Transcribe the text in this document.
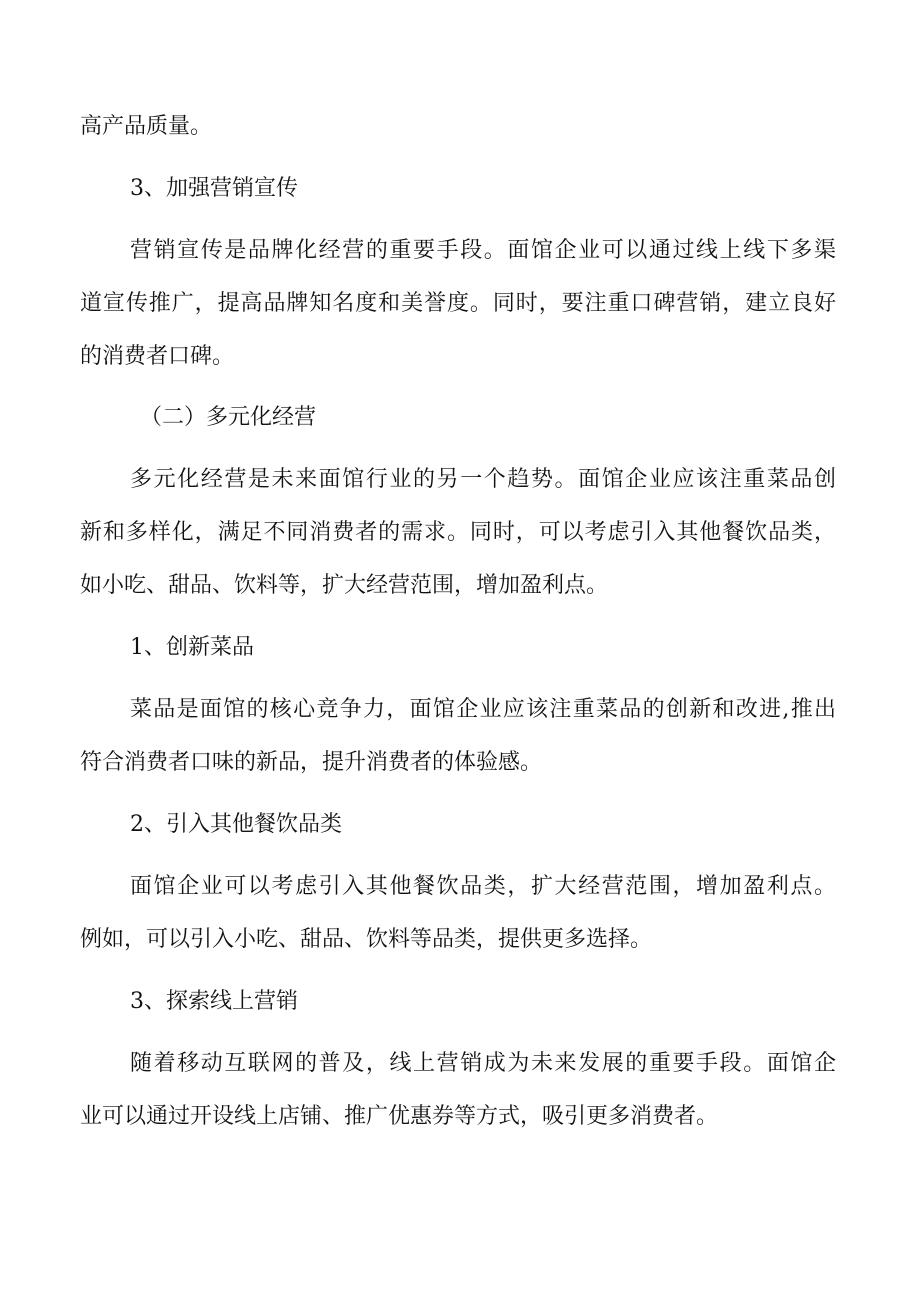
高产品质量。

3、加强营销宣传

营销宣传是品牌化经营的重要手段。面馆企业可以通过线上线下多渠

道宣传推广，提高品牌知名度和美誉度。同时，要注重口碑营销，建立良好

的消费者口碑。

（二）多元化经营

多元化经营是未来面馆行业的另一个趋势。面馆企业应该注重菜品创

新和多样化，满足不同消费者的需求。同时，可以考虑引入其他餐饮品类，

如小吃、甜品、饮料等，扩大经营范围，增加盈利点。

1、创新菜品

菜品是面馆的核心竞争力，面馆企业应该注重菜品的创新和改进,推出

符合消费者口味的新品，提升消费者的体验感。

2、引入其他餐饮品类

面馆企业可以考虑引入其他餐饮品类，扩大经营范围，增加盈利点。

例如，可以引入小吃、甜品、饮料等品类，提供更多选择。

3、探索线上营销

随着移动互联网的普及，线上营销成为未来发展的重要手段。面馆企

业可以通过开设线上店铺、推广优惠券等方式，吸引更多消费者。
